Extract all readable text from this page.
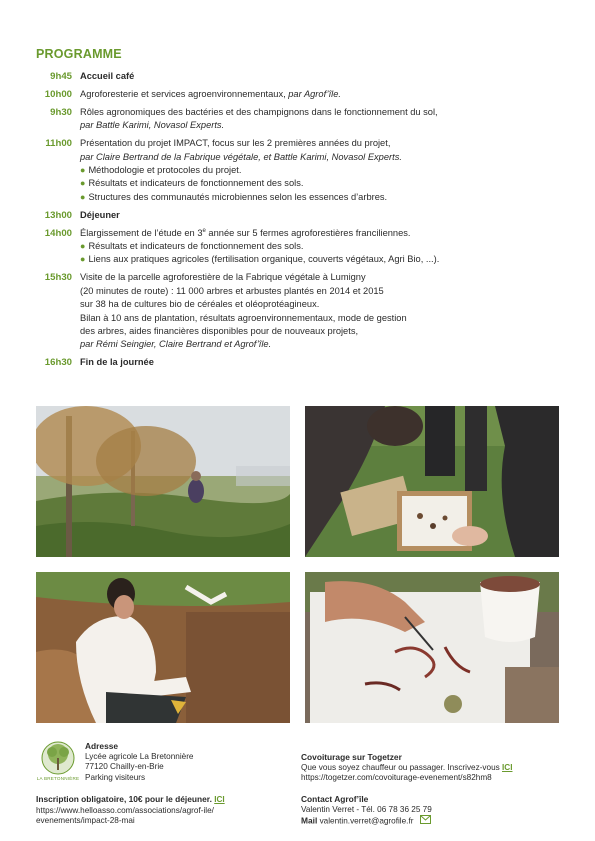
PROGRAMME
9h45 Accueil café
10h00 Agroforesterie et services agroenvironnementaux, par Agrof’île.
9h30 Rôles agronomiques des bactéries et des champignons dans le fonctionnement du sol,
par Battle Karimi, Novasol Experts.
11h00 Présentation du projet IMPACT, focus sur les 2 premières années du projet,
par Claire Bertrand de la Fabrique végétale, et Battle Karimi, Novasol Experts.
● Méthodologie et protocoles du projet.
● Résultats et indicateurs de fonctionnement des sols.
● Structures des communautés microbiennes selon les essences d’arbres.
13h00 Déjeuner
14h00 Élargissement de l’étude en 3e année sur 5 fermes agroforestières franciliennes.
● Résultats et indicateurs de fonctionnement des sols.
● Liens aux pratiques agricoles (fertilisation organique, couverts végétaux, Agri Bio, ...).
15h30 Visite de la parcelle agroforestière de la Fabrique végétale à Lumigny
(20 minutes de route) : 11 000 arbres et arbustes plantés en 2014 et 2015
sur 38 ha de cultures bio de céréales et oléoprotéagineux.
Bilan à 10 ans de plantation, résultats agroenvironnementaux, mode de gestion
des arbres, aides financières disponibles pour de nouveaux projets,
par Rémi Seingier, Claire Bertrand et Agrof’île.
16h30 Fin de la journée
LA BRETONNIÈRE
Adresse
Lycée agricole La Bretonnière
77120 Chailly-en-Brie
Parking visiteurs
Inscription obligatoire, 10€ pour le déjeuner. ICI
https://www.helloasso.com/associations/agrof-ile/
evenements/impact-28-mai
Covoiturage sur Togetzer
Que vous soyez chauffeur ou passager. Inscrivez-vous ICI
https://togetzer.com/covoiturage-evenement/s82hm8
Contact Agrof’île
Valentin Verret - Tél. 06 78 36 25 79
Mail valentin.verret@agrofile.fr
